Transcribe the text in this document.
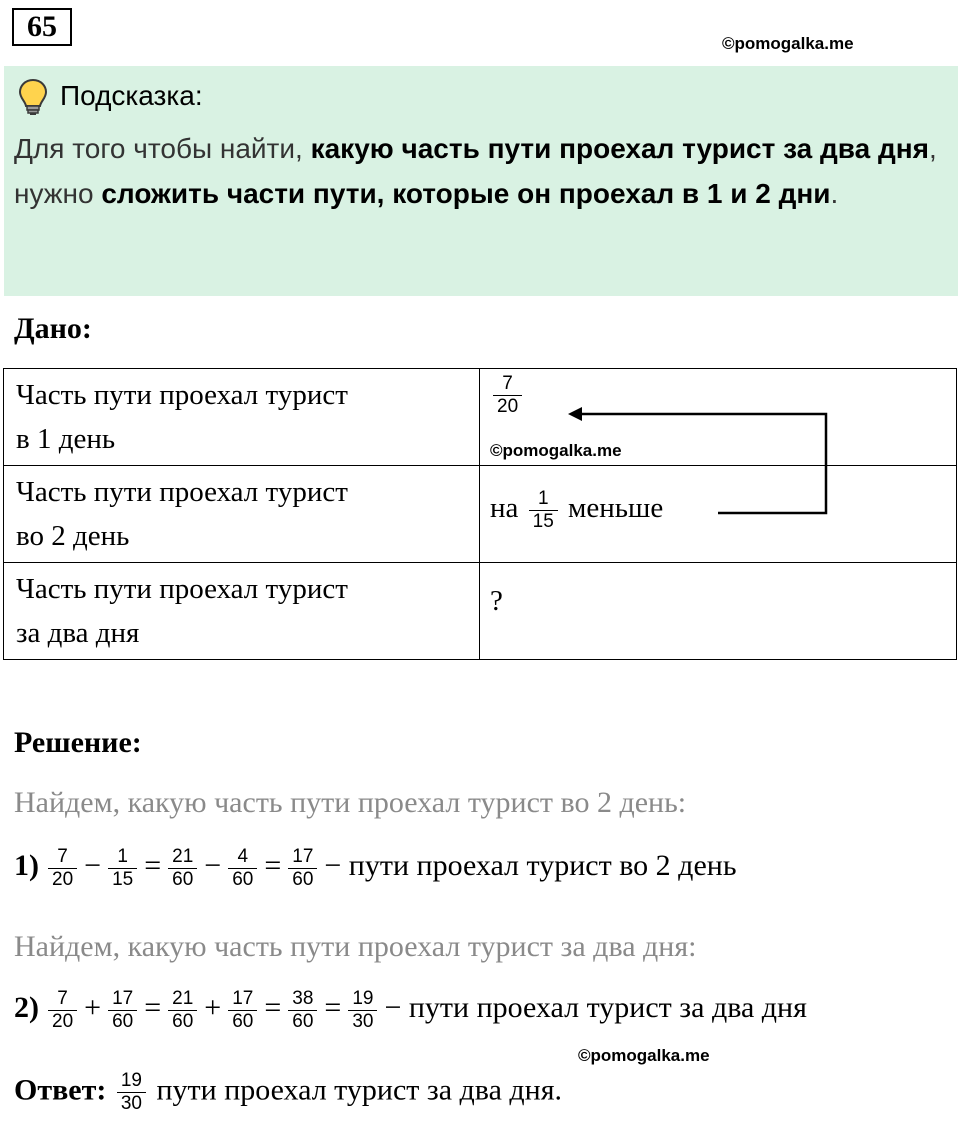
65
©pomogalka.me
Подсказка:
Для того чтобы найти, какую часть пути проехал турист за два дня, нужно сложить части пути, которые он проехал в 1 и 2 дни.
Дано:
Часть пути проехал турист
в 1 день	$\frac{7}{20}$
©pomogalka.me

Часть пути проехал турист
во 2 день	на $\frac{1}{15}$ меньше

Часть пути проехал турист
за два дня	?
Решение:
Найдем, какую часть пути проехал турист во 2 день:
$1) \frac{7}{20} - \frac{1}{15} = \frac{21}{60} - \frac{4}{60} = \frac{17}{60}$ − пути проехал турист во 2 день
Найдем, какую часть пути проехал турист за два дня:
$2) \frac{7}{20} + \frac{17}{60} = \frac{21}{60} + \frac{17}{60} = \frac{38}{60} = \frac{19}{30}$ − пути проехал турист за два дня
©pomogalka.me
Ответ: $\frac{19}{30}$ пути проехал турист за два дня.
